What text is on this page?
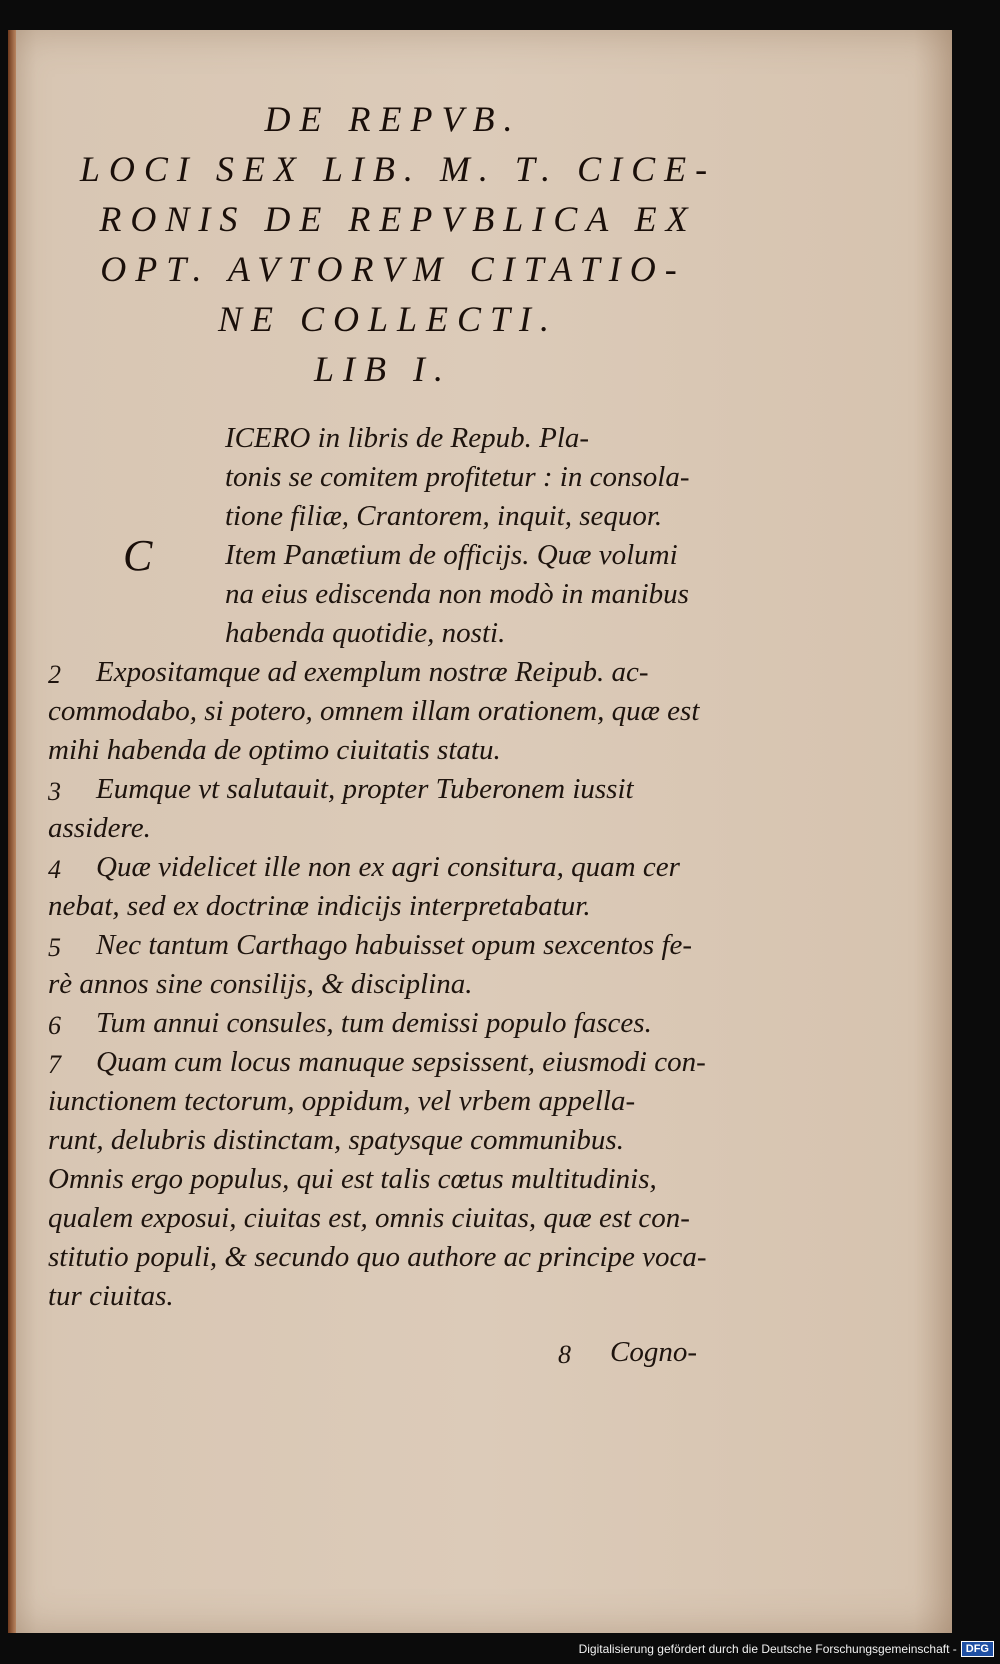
DE REPVB.
LOCI SEX LIB. M. T. CICE-
RONIS DE REPVBLICA EX
OPT. AVTORVM CITATIO-
NE COLLECTI.
LIB I.
C
ICERO in libris de Repub. Pla-
tonis se comitem profitetur : in consola-
tione filiæ, Crantorem, inquit, sequor.
Item Panætium de officijs. Quæ volumi
na eius ediscenda non modò in manibus
habenda quotidie, nosti.
2 Expositamque ad exemplum nostræ Reipub. ac-
commodabo, si potero, omnem illam orationem, quæ est
mihi habenda de optimo ciuitatis statu.
3 Eumque vt salutauit, propter Tuberonem iussit
assidere.
4 Quæ videlicet ille non ex agri consitura, quam cer
nebat, sed ex doctrinæ indicijs interpretabatur.
5 Nec tantum Carthago habuisset opum sexcentos fe-
rè annos sine consilijs, & disciplina.
6 Tum annui consules, tum demissi populo fasces.
7 Quam cum locus manuque sepsissent, eiusmodi con-
iunctionem tectorum, oppidum, vel vrbem appella-
runt, delubris distinctam, spatysque communibus.
Omnis ergo populus, qui est talis cœtus multitudinis,
qualem exposui, ciuitas est, omnis ciuitas, quæ est con-
stitutio populi, & secundo quo authore ac principe voca-
tur ciuitas.
8 Cogno-
Digitalisierung gefördert durch die Deutsche Forschungsgemeinschaft - DFG
